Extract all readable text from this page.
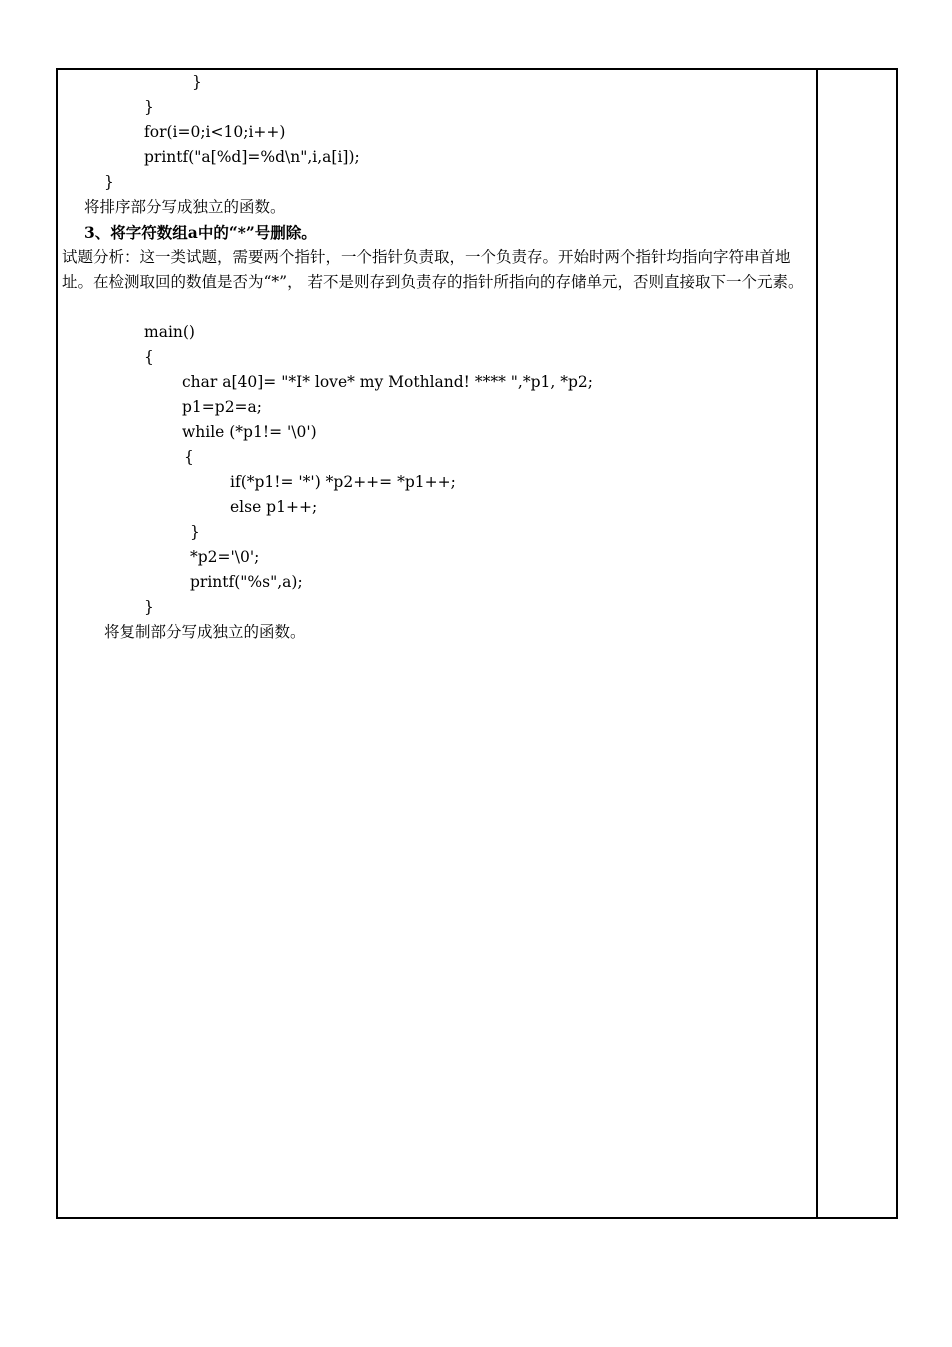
}
}
for(i=0;i<10;i++)
printf("a[%d]=%d\n",i,a[i]);
}
将排序部分写成独立的函数。
3、将字符数组a中的“*”号删除。
试题分析：这一类试题，需要两个指针，一个指针负责取，一个负责存。开始时两个指针均指向字符串首地址。在检测取回的数值是否为“*”， 若不是则存到负责存的指针所指向的存储单元，否则直接取下一个元素。
main()
{
char a[40]= "*I* love* my Mothland! **** ",*p1, *p2;
p1=p2=a;
while (*p1!= '\0')
{
if(*p1!= '*') *p2++= *p1++;
else p1++;
}
*p2='\0';
printf("%s",a);
}
将复制部分写成独立的函数。
